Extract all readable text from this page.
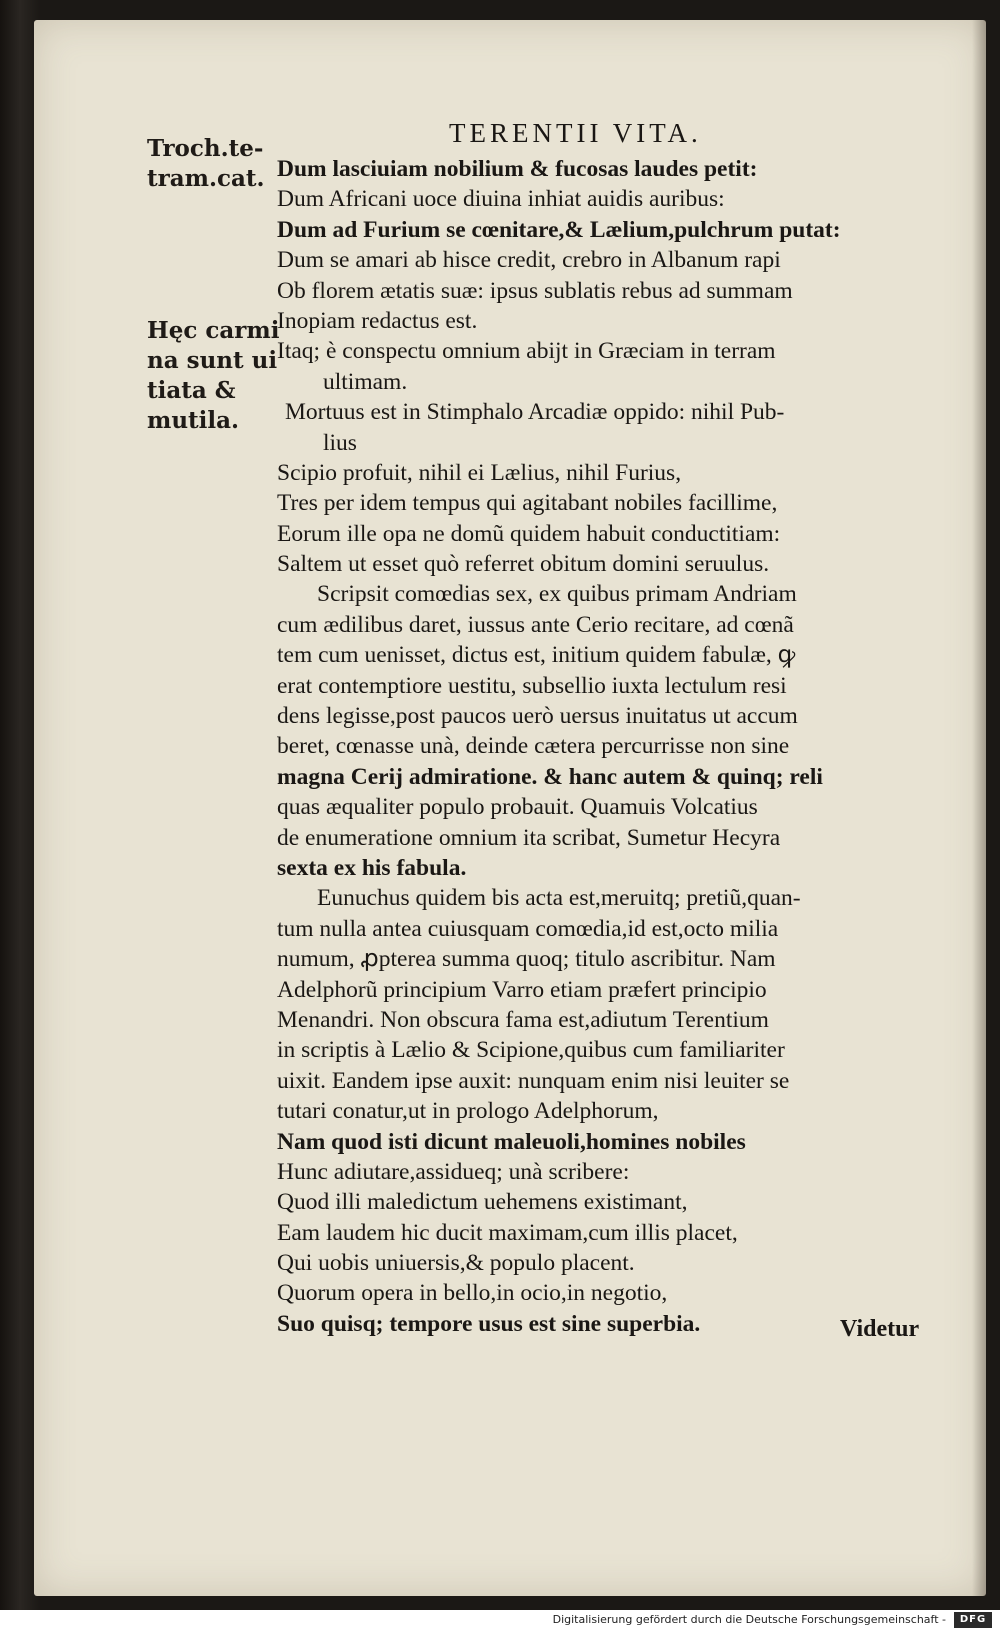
TERENTII VITA.
Troch.te-
tram.cat.
Hęc carmi
na sunt ui
tiata &
mutila.
Dum lasciuiam nobilium & fucosas laudes petit:
Dum Africani uoce diuina inhiat auidis auribus:
Dum ad Furium se cœnitare,& Lælium,pulchrum putat:
Dum se amari ab hisce credit, crebro in Albanum rapi
Ob florem ætatis suæ: ipsus sublatis rebus ad summam
Inopiam redactus est.
Itaq; è conspectu omnium abijt in Græciam in terram
ultimam.
Mortuus est in Stimphalo Arcadiæ oppido: nihil Pub-
lius
Scipio profuit, nihil ei Lælius, nihil Furius,
Tres per idem tempus qui agitabant nobiles facillime,
Eorum ille opa ne domũ quidem habuit conductitiam:
Saltem ut esset quò referret obitum domini seruulus.
Scripsit comœdias sex, ex quibus primam Andriam
cum ædilibus daret, iussus ante Cerio recitare, ad cœnã
tem cum uenisset, dictus est, initium quidem fabulæ, ꝙ
erat contemptiore uestitu, subsellio iuxta lectulum resi
dens legisse,post paucos uerò uersus inuitatus ut accum
beret, cœnasse unà, deinde cætera percurrisse non sine
magna Cerij admiratione. & hanc autem & quinq; reli
quas æqualiter populo probauit. Quamuis Volcatius
de enumeratione omnium ita scribat, Sumetur Hecyra
sexta ex his fabula.
Eunuchus quidem bis acta est,meruitq; pretiũ,quan-
tum nulla antea cuiusquam comœdia,id est,octo milia
numum, ꝓpterea summa quoq; titulo ascribitur. Nam
Adelphorũ principium Varro etiam præfert principio
Menandri. Non obscura fama est,adiutum Terentium
in scriptis à Lælio & Scipione,quibus cum familiariter
uixit. Eandem ipse auxit: nunquam enim nisi leuiter se
tutari conatur,ut in prologo Adelphorum,
Nam quod isti dicunt maleuoli,homines nobiles
Hunc adiutare,assidueq; unà scribere:
Quod illi maledictum uehemens existimant,
Eam laudem hic ducit maximam,cum illis placet,
Qui uobis uniuersis,& populo placent.
Quorum opera in bello,in ocio,in negotio,
Suo quisq; tempore usus est sine superbia.	Videtur
Digitalisierung gefördert durch die Deutsche Forschungsgemeinschaft -	DFG
